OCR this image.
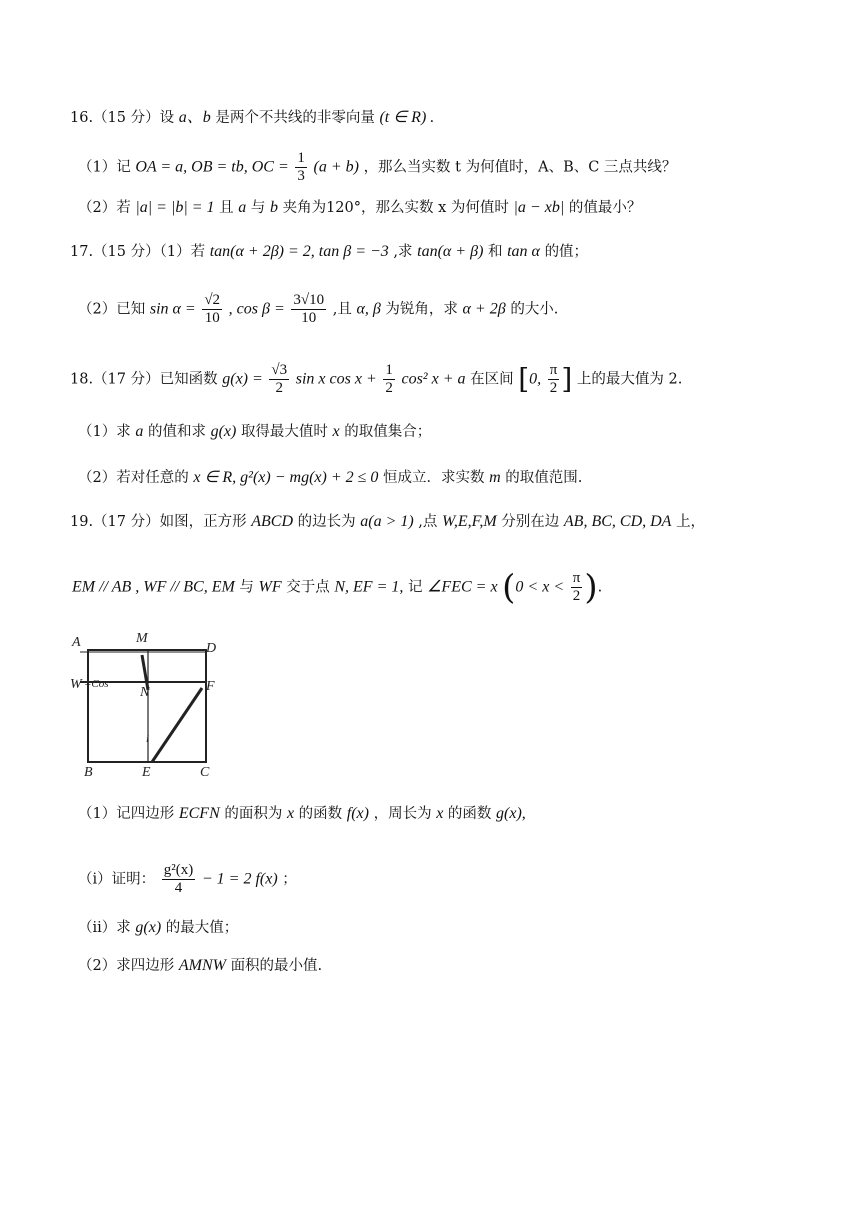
16.（15 分）设 a、b 是两个不共线的非零向量 (t ∈ R) .
（1）记 OA = a, OB = tb, OC = $\frac{1}{3} (a + b)$ ，那么当实数 t 为何值时，A、B、C 三点共线？
（2）若 |a| = |b| = 1 且 a 与 b 夹角为120°，那么实数 x 为何值时 |a − xb| 的值最小？
17.（15 分）（1）若 tan(α + 2β) = 2, tan β = −3 ,求 tan(α + β) 和 tan α 的值；
（2）已知 $\sin \alpha = \frac{√2}{10}$ , $\cos \beta = \frac{3√10}{10}$ ,且 α, β 为锐角，求 α + 2β 的大小.
18.（17 分）已知函数 $g(x) = \frac{√3}{2}$ sin x $\cos x + \frac{1}{2} \cos^2$ x + a 在区间 [0, $\frac{\pi}{2}$ ] 上的最大值为 2.
（1）求 a 的值和求 g(x) 取得最大值时 x 的取值集合；
（2）若对任意的 x ∈ R, g²(x) − mg(x) + 2 ≤ 0 恒成立．求实数 m 的取值范围.
19.（17 分）如图，正方形 ABCD 的边长为 a(a > 1) ,点 W,E,F,M 分别在边 AB, BC, CD, DA 上，
EM // AB , WF // BC, EM 与 WF 交于点 N, EF = 1, 记 ∠FEC = x ($0 < x < \frac{\pi}{2}$ ).
A	M
D
W =Cos
N	F
i
B	E	C
（1）记四边形 ECFN 的面积为 x 的函数 f(x) ，周长为 x 的函数 g(x),
（i）证明： $\frac{\text{g²(x)}}{4} - 1 = 2$ f(x) ；
（ii）求 g(x) 的最大值；
（2）求四边形 AMNW 面积的最小值.
